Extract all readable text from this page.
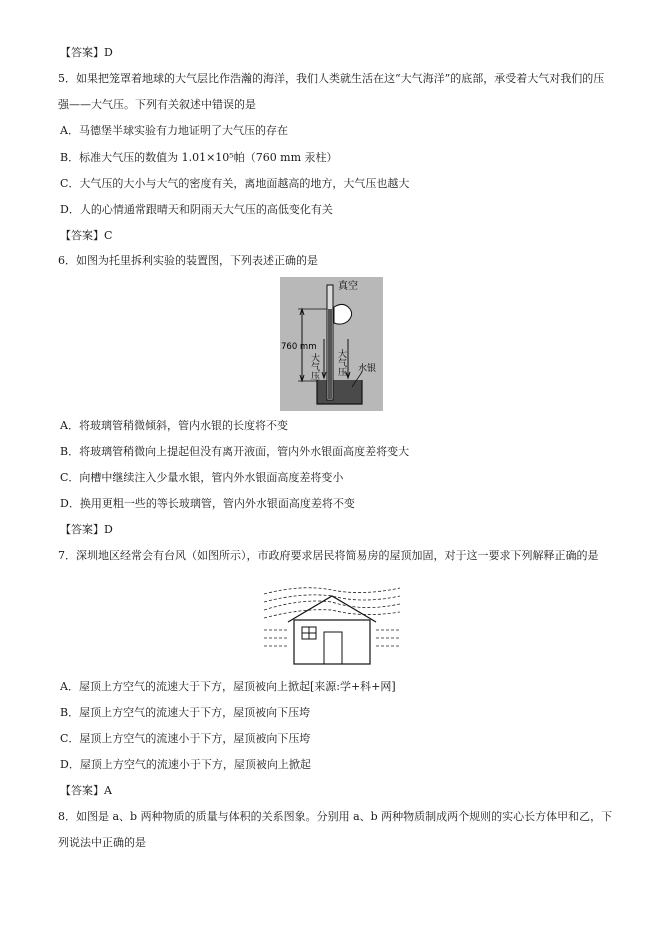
【答案】D
5．如果把笼罩着地球的大气层比作浩瀚的海洋，我们人类就生活在这“大气海洋”的底部，承受着大气对我们的压
强——大气压。下列有关叙述中错误的是
A．马德堡半球实验有力地证明了大气压的存在
B．标准大气压的数值为 1.01×10⁵帕（760 mm 汞柱）
C．大气压的大小与大气的密度有关，离地面越高的地方，大气压也越大
D．人的心情通常跟晴天和阴雨天大气压的高低变化有关
【答案】C
6．如图为托里拆利实验的装置图，下列表述正确的是
真空
760 mm
大气压 大气压 水银
A．将玻璃管稍微倾斜，管内水银的长度将不变
B．将玻璃管稍微向上提起但没有离开液面，管内外水银面高度差将变大
C．向槽中继续注入少量水银，管内外水银面高度差将变小
D．换用更粗一些的等长玻璃管，管内外水银面高度差将不变
【答案】D
7．深圳地区经常会有台风（如图所示），市政府要求居民将简易房的屋顶加固，对于这一要求下列解释正确的是
A．屋顶上方空气的流速大于下方，屋顶被向上掀起[来源:学+科+网]
B．屋顶上方空气的流速大于下方，屋顶被向下压垮
C．屋顶上方空气的流速小于下方，屋顶被向下压垮
D．屋顶上方空气的流速小于下方，屋顶被向上掀起
【答案】A
8．如图是 a、b 两种物质的质量与体积的关系图象。分别用 a、b 两种物质制成两个规则的实心长方体甲和乙，下
列说法中正确的是
